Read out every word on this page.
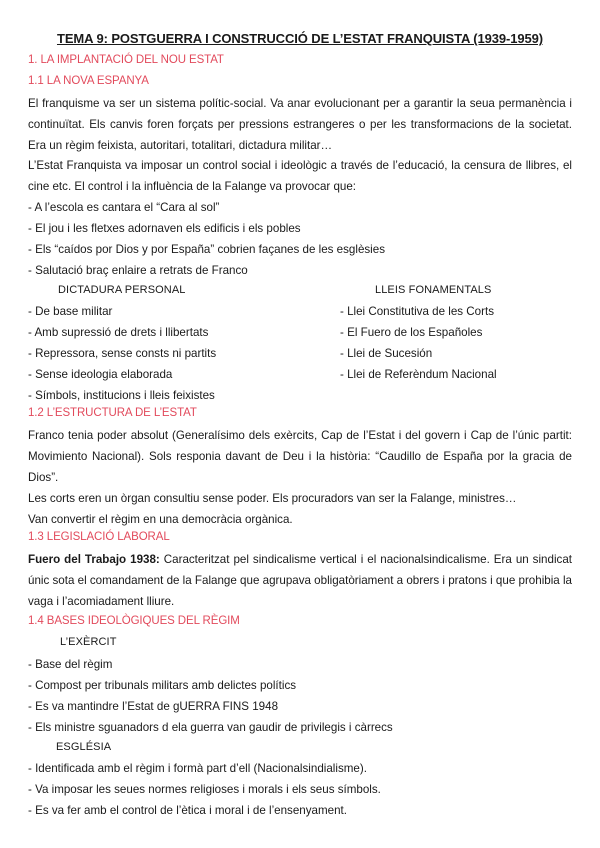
TEMA 9: POSTGUERRA I CONSTRUCCIÓ DE L’ESTAT FRANQUISTA (1939-1959)
1. LA IMPLANTACIÓ DEL NOU ESTAT
1.1 LA NOVA ESPANYA
El franquisme va ser un sistema polític-social. Va anar evolucionant per a garantir la seua permanència i continuïtat. Els canvis foren forçats per pressions estrangeres o per les transformacions de la societat. Era un règim feixista, autoritari, totalitari, dictadura militar…
L’Estat Franquista va imposar un control social i ideològic a través de l’educació, la censura de llibres, el cine etc. El control i la influència de la Falange va provocar que:
- A l’escola es cantara el “Cara al sol”
- El jou i les fletxes adornaven els edificis i els pobles
- Els “caídos por Dios y por España” cobrien façanes de les esglèsies
- Salutació braç enlaire a retrats de Franco
DICTADURA PERSONAL	LLEIS FONAMENTALS
- De base militar
- Amb supressió de drets i llibertats
- Repressora, sense consts ni partits
- Sense ideologia elaborada
- Símbols, institucions i lleis feixistes
- Llei Constitutiva de les Corts
- El Fuero de los Españoles
- Llei de Sucesión
- Llei de Referèndum Nacional
1.2 L’ESTRUCTURA DE L’ESTAT
Franco tenia poder absolut (Generalísimo dels exèrcits, Cap de l’Estat i del govern i Cap de l’únic partit: Movimiento Nacional). Sols responia davant de Deu i la història: “Caudillo de España por la gracia de Dios”.
Les corts eren un òrgan consultiu sense poder. Els procuradors van ser la Falange, ministres…
Van convertir el règim en una democràcia orgànica.
1.3 LEGISLACIÓ LABORAL
Fuero del Trabajo 1938: Caracteritzat pel sindicalisme vertical i el nacionalsindicalisme. Era un sindicat únic sota el comandament de la Falange que agrupava obligatòriament a obrers i pratons i que prohibia la vaga i l’acomiadament lliure.
1.4 BASES IDEOLÒGIQUES DEL RÈGIM
L’EXÈRCIT
- Base del règim
- Compost per tribunals militars amb delictes polítics
- Es va mantindre l’Estat de gUERRA FINS 1948
- Els ministre sguanadors d ela guerra van gaudir de privilegis i càrrecs
ESGLÉSIA
- Identificada amb el règim i formà part d’ell (Nacionalsindialisme).
- Va imposar les seues normes religioses i morals i els seus símbols.
- Es va fer amb el control de l’ètica i moral i de l’ensenyament.
